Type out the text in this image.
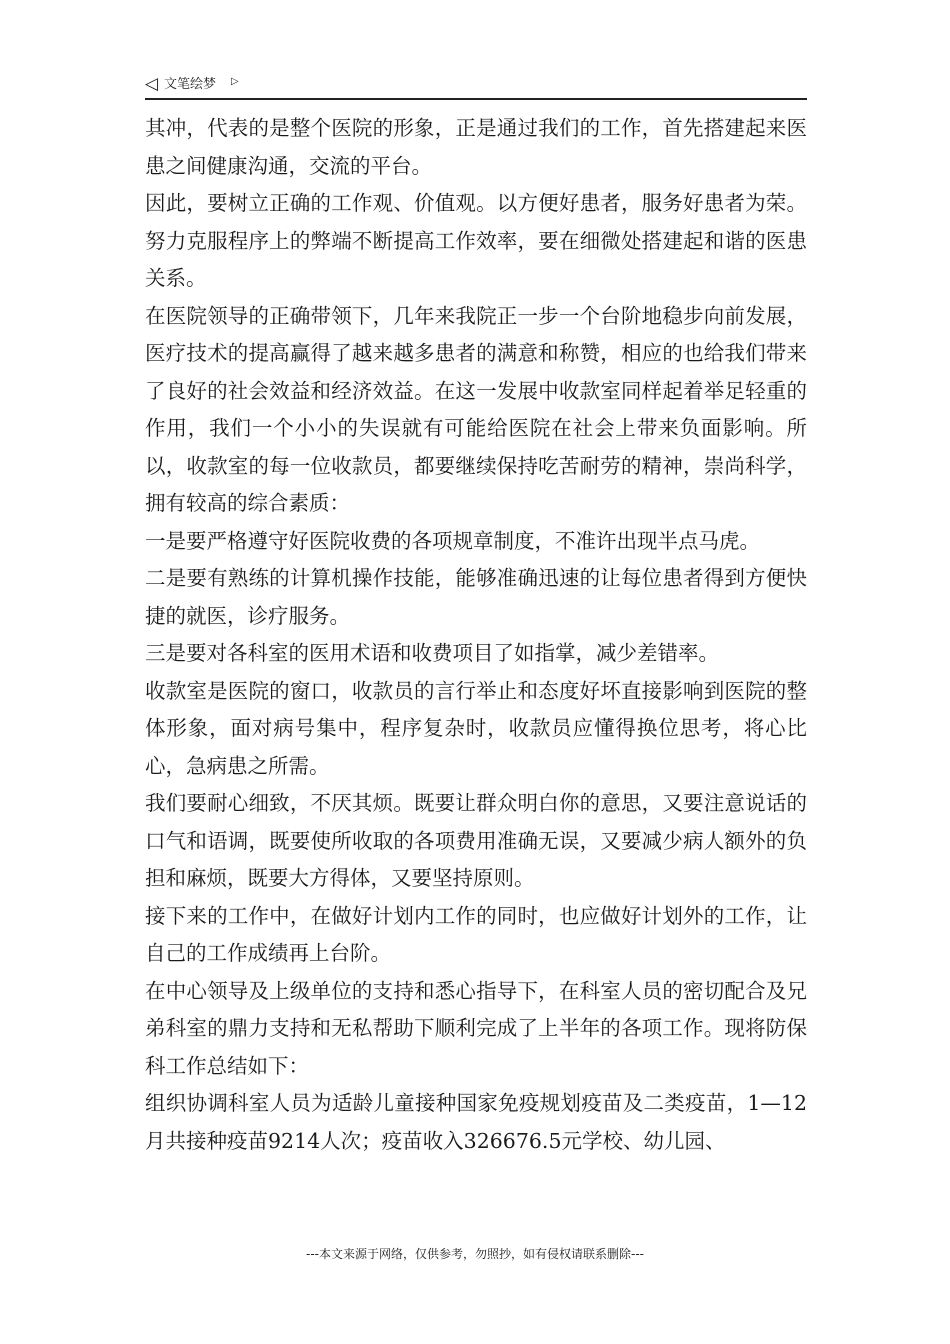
◁ 文笔绘梦 ▷

其冲，代表的是整个医院的形象，正是通过我们的工作，首先搭建起来医患之间健康沟通，交流的平台。

因此，要树立正确的工作观、价值观。以方便好患者，服务好患者为荣。努力克服程序上的弊端不断提高工作效率，要在细微处搭建起和谐的医患关系。

在医院领导的正确带领下，几年来我院正一步一个台阶地稳步向前发展，医疗技术的提高赢得了越来越多患者的满意和称赞，相应的也给我们带来了良好的社会效益和经济效益。在这一发展中收款室同样起着举足轻重的作用，我们一个小小的失误就有可能给医院在社会上带来负面影响。所以，收款室的每一位收款员，都要继续保持吃苦耐劳的精神，崇尚科学，拥有较高的综合素质：

一是要严格遵守好医院收费的各项规章制度，不准许出现半点马虎。

二是要有熟练的计算机操作技能，能够准确迅速的让每位患者得到方便快捷的就医，诊疗服务。

三是要对各科室的医用术语和收费项目了如指掌，减少差错率。

收款室是医院的窗口，收款员的言行举止和态度好坏直接影响到医院的整体形象，面对病号集中，程序复杂时，收款员应懂得换位思考，将心比心，急病患之所需。

我们要耐心细致，不厌其烦。既要让群众明白你的意思，又要注意说话的口气和语调，既要使所收取的各项费用准确无误，又要减少病人额外的负担和麻烦，既要大方得体，又要坚持原则。

接下来的工作中，在做好计划内工作的同时，也应做好计划外的工作，让自己的工作成绩再上台阶。

在中心领导及上级单位的支持和悉心指导下，在科室人员的密切配合及兄弟科室的鼎力支持和无私帮助下顺利完成了上半年的各项工作。现将防保科工作总结如下：

组织协调科室人员为适龄儿童接种国家免疫规划疫苗及二类疫苗，1—12月共接种疫苗9214人次；疫苗收入326676.5元学校、幼儿园、

---本文来源于网络，仅供参考，勿照抄，如有侵权请联系删除---
